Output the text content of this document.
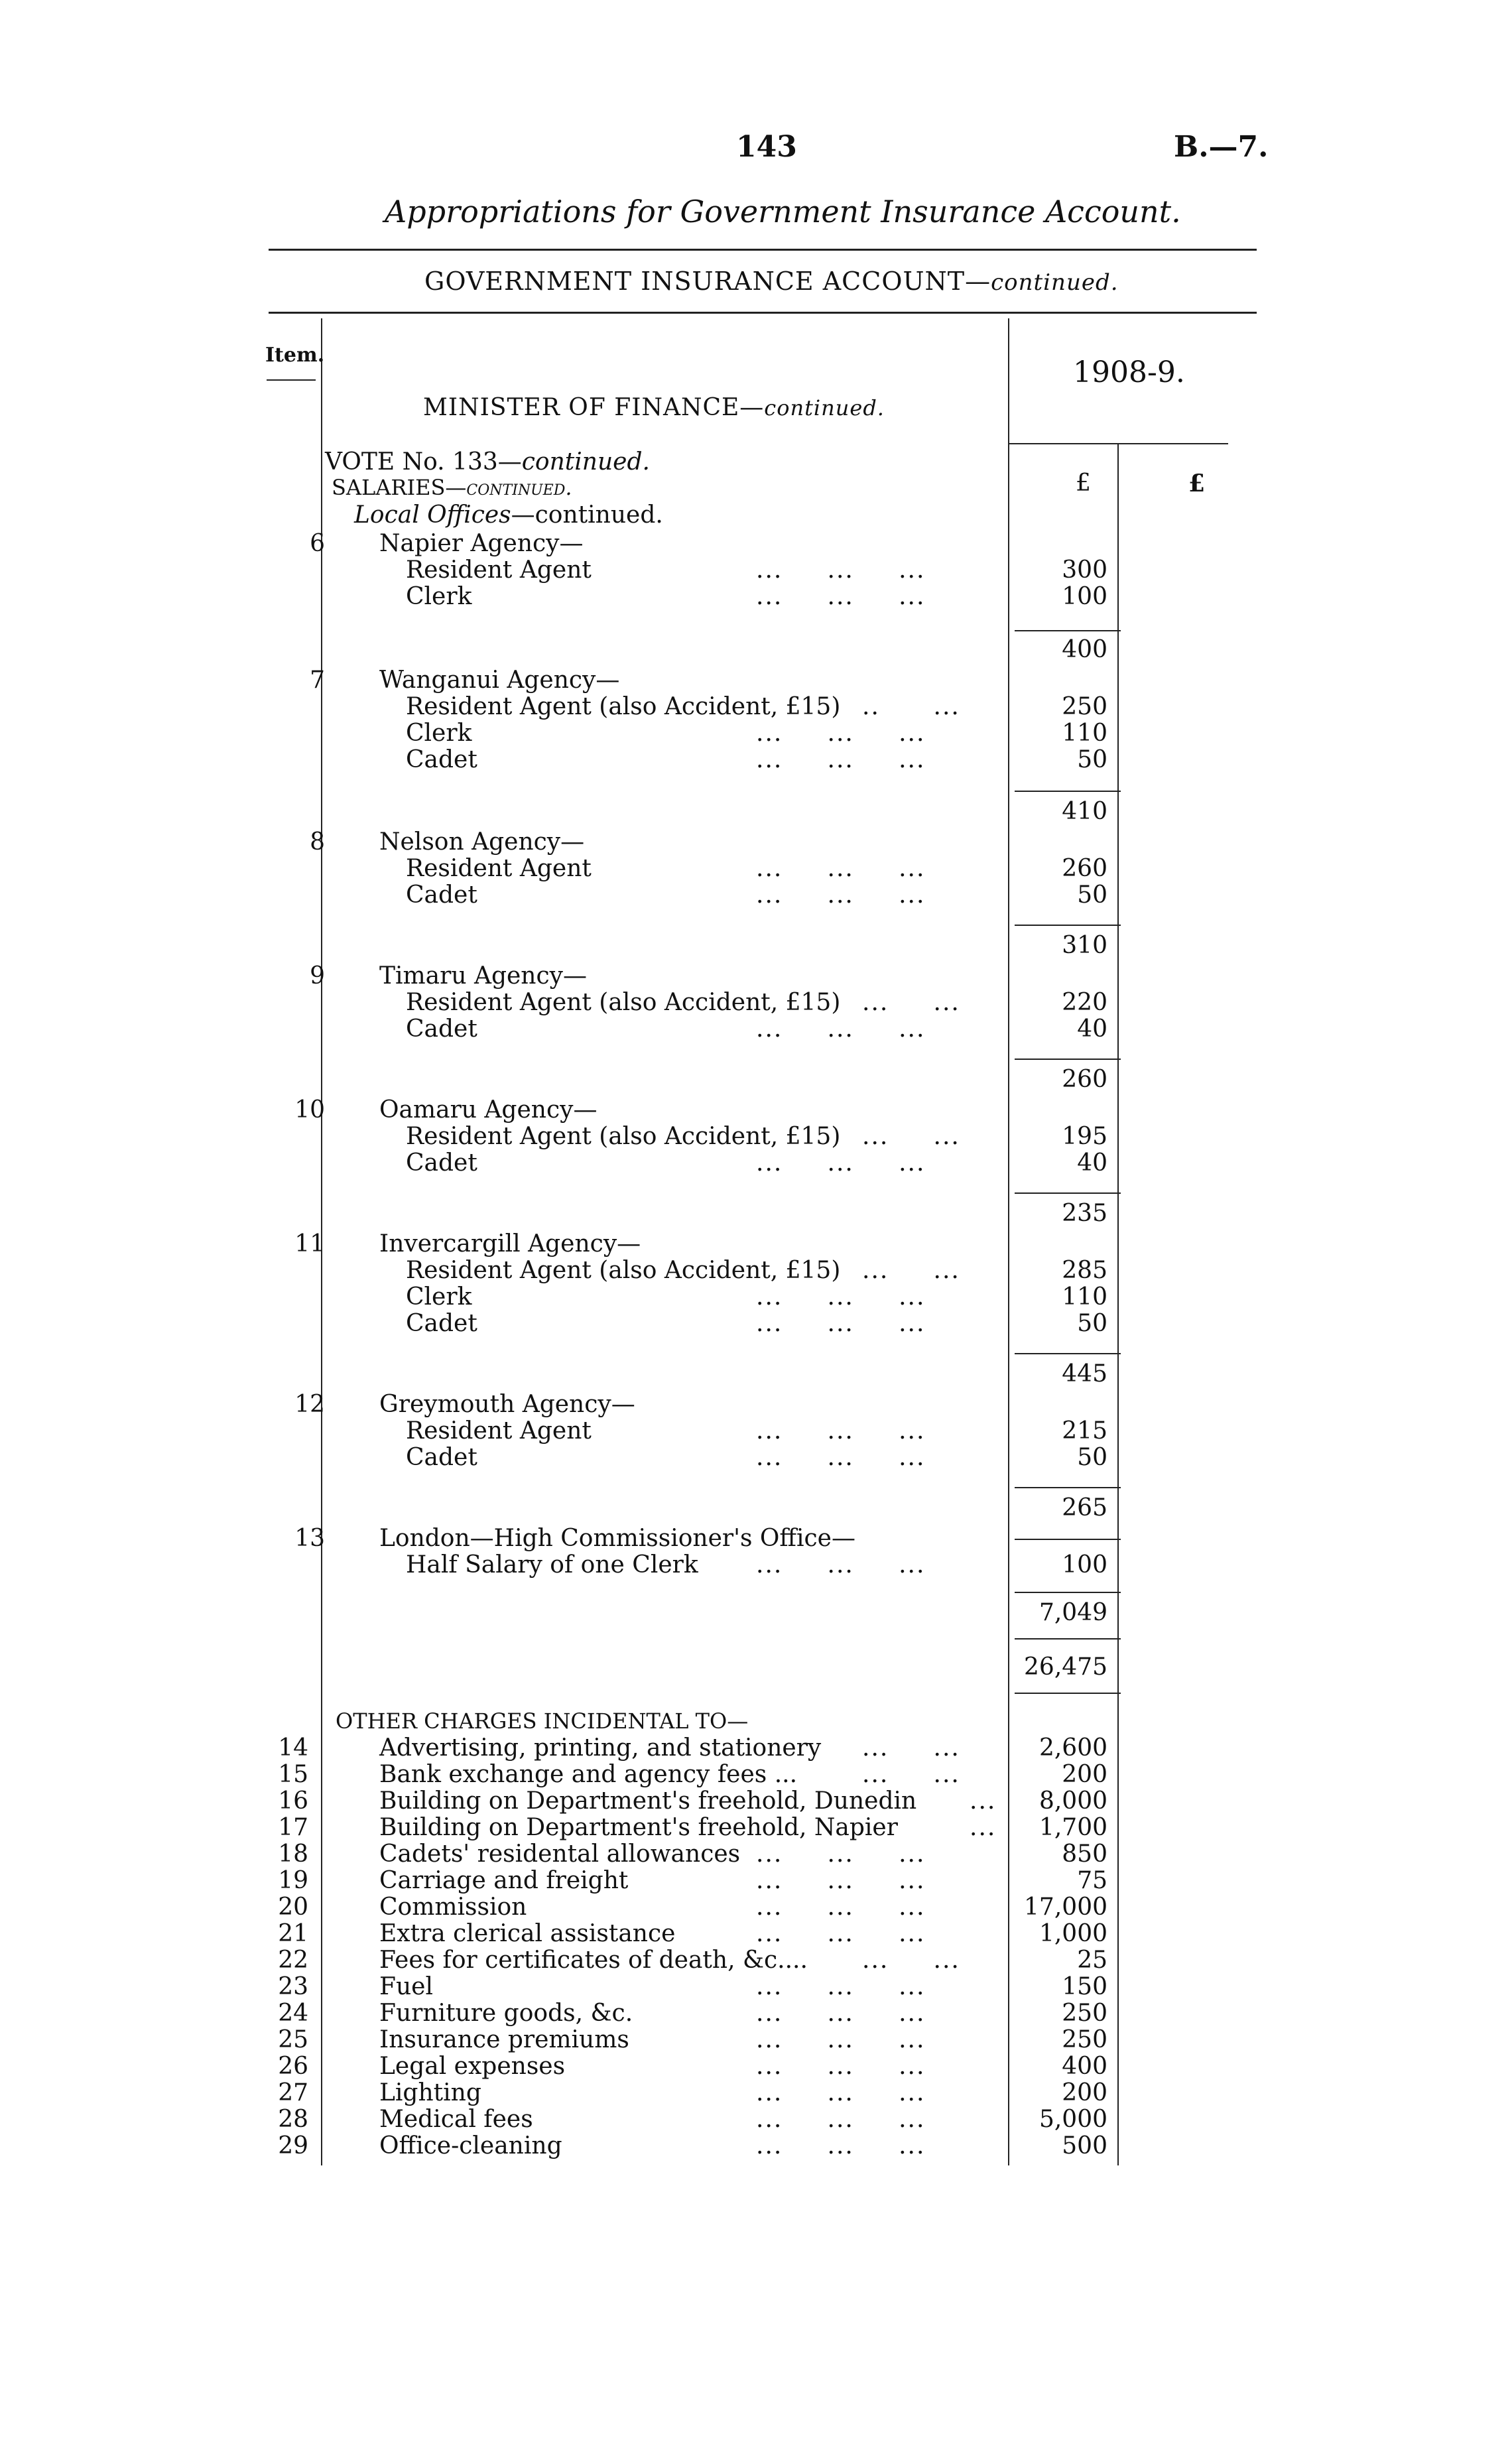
143	B.—7.
Appropriations for Government Insurance Account.
GOVERNMENT INSURANCE ACCOUNT—continued.
Item.
1908-9.
MINISTER OF FINANCE—continued.
£	£
VOTE No. 133—continued.
SALARIES—continued.
Local Offices—continued.
6 Napier Agency—
Resident Agent	...     ...     ...	300
Clerk	...     ...     ...	100
400
7 Wanganui Agency—
Resident Agent (also Accident, £15) ..      ...	250
Clerk	...     ...     ...	110
Cadet	...     ...     ...	50
410
8 Nelson Agency—
Resident Agent	...     ...     ...	260
Cadet	...     ...     ...	50
310
9 Timaru Agency—
Resident Agent (also Accident, £15) ...     ...	220
Cadet	...     ...     ...	40
260
10 Oamaru Agency—
Resident Agent (also Accident, £15) ...     ...	195
Cadet	...     ...     ...	40
235
11 Invercargill Agency—
Resident Agent (also Accident, £15) ...     ...	285
Clerk	...     ...     ...	110
Cadet	...     ...     ...	50
445
12 Greymouth Agency—
Resident Agent	...     ...     ...	215
Cadet	...     ...     ...	50
265
13 London—High Commissioner's Office—
Half Salary of one Clerk ...     ...     ...	100
7,049
26,475
OTHER CHARGES INCIDENTAL TO—
14	Advertising, printing, and stationery ...     ...	2,600
15	Bank exchange and agency fees ...	...     ...	200
16	Building on Department's freehold, Dunedin ...	8,000
17	Building on Department's freehold, Napier	...	1,700
18	Cadets' residental allowances ...     ...     ...	850
19	Carriage and freight	...     ...     ...	75
20	Commission	...     ...     ...	17,000
21	Extra clerical assistance	...     ...     ...	1,000
22	Fees for certificates of death, &c.... ...     ...	25
23	Fuel	...     ...     ...	150
24	Furniture goods, &c.	...     ...     ...	250
25	Insurance premiums	...     ...     ...	250
26	Legal expenses	...     ...     ...	400
27	Lighting	...     ...     ...	200
28	Medical fees	...     ...     ...	5,000
29	Office-cleaning	...     ...     ...	500
